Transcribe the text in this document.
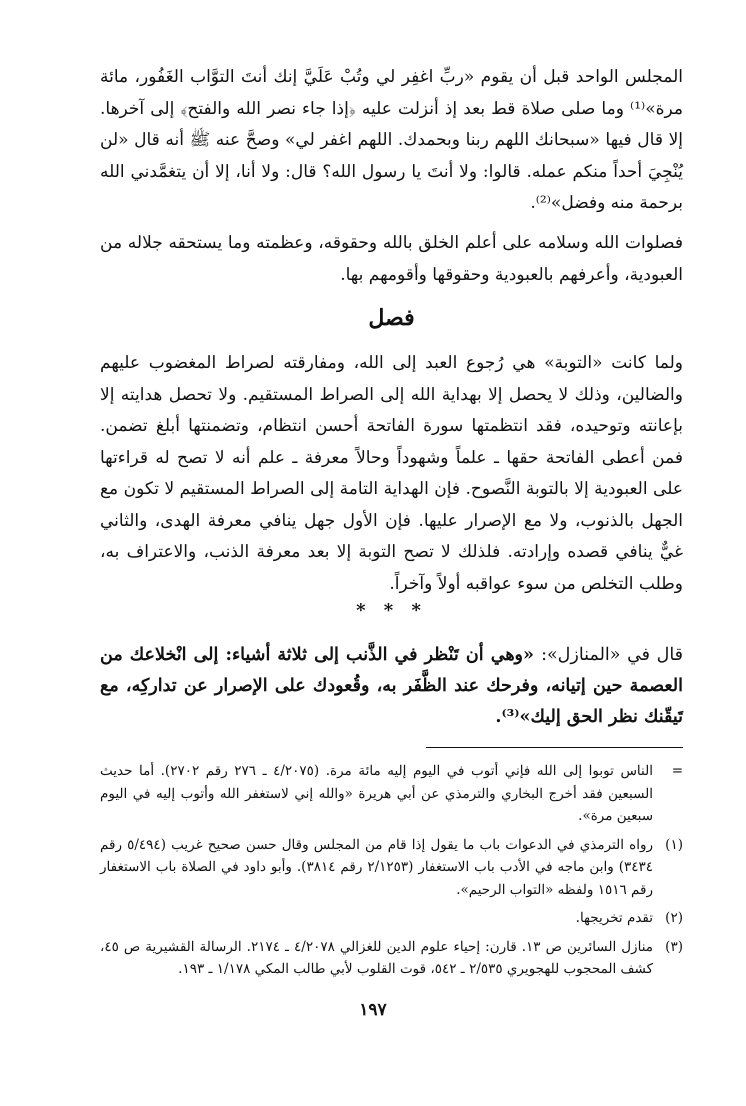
المجلس الواحد قبل أن يقوم «ربِّ اغفِر لي وتُبْ عَلَيَّ إنك أنتَ التوَّاب الغَفُور، مائة مرة»⁽¹⁾ وما صلى صلاة قط بعد إذ أنزلت عليه ﴿إذا جاء نصر الله والفتح﴾ إلى آخرها. إلا قال فيها «سبحانك اللهم ربنا وبحمدك. اللهم اغفر لي» وصحَّ عنه ﷺ أنه قال «لن يُنْجِيَ أحداً منكم عمله. قالوا: ولا أنتَ يا رسول الله؟ قال: ولا أنا، إلا أن يتغمَّدني الله برحمة منه وفضل»⁽²⁾.

فصلوات الله وسلامه على أعلم الخلق بالله وحقوقه، وعظمته وما يستحقه جلاله من العبودية، وأعرفهم بالعبودية وحقوقها وأقومهم بها.

فصل

ولما كانت «التوبة» هي رُجوع العبد إلى الله، ومفارقته لصراط المغضوب عليهم والضالين، وذلك لا يحصل إلا بهداية الله إلى الصراط المستقيم. ولا تحصل هدايته إلا بإعانته وتوحيده، فقد انتظمتها سورة الفاتحة أحسن انتظام، وتضمنتها أبلغ تضمن. فمن أعطى الفاتحة حقها ـ علماً وشهوداً وحالاً معرفة ـ علم أنه لا تصح له قراءتها على العبودية إلا بالتوبة النَّصوح. فإن الهداية التامة إلى الصراط المستقيم لا تكون مع الجهل بالذنوب، ولا مع الإصرار عليها. فإن الأول جهل ينافي معرفة الهدى، والثاني غيٌّ ينافي قصده وإرادته. فلذلك لا تصح التوبة إلا بعد معرفة الذنب، والاعتراف به، وطلب التخلص من سوء عواقبه أولاً وآخراً.

* * *

قال في «المنازل»: «وهي أن تَنْظر في الذَّنب إلى ثلاثة أشياء: إلى انْخلاعك من العصمة حين إتيانه، وفرحك عند الظَّفَر به، وقُعودك على الإصرار عن تداركِه، مع تَيقّنك نظر الحق إليك»⁽³⁾.

=
الناس توبوا إلى الله فإني أتوب في اليوم إليه مائة مرة. (٤/٢٠٧٥ ـ ٢٧٦ رقم ٢٧٠٢). أما حديث السبعين فقد أخرج البخاري والترمذي عن أبي هريرة «والله إني لاستغفر الله وأتوب إليه في اليوم سبعين مرة».
(١)
رواه الترمذي في الدعوات باب ما يقول إذا قام من المجلس وقال حسن صحيح غريب (٥/٤٩٤ رقم ٣٤٣٤) وابن ماجه في الأدب باب الاستغفار (٢/١٢٥٣ رقم ٣٨١٤). وأبو داود في الصلاة باب الاستغفار رقم ١٥١٦ ولفظه «التواب الرحيم».
(٢)
تقدم تخريجها.
(٣)
منازل السائرين ص ١٣. قارن: إحياء علوم الدين للغزالي ٤/٢٠٧٨ ـ ٢١٧٤. الرسالة القشيرية ص ٤٥، كشف المحجوب للهجويري ٢/٥٣٥ ـ ٥٤٢، قوت القلوب لأبي طالب المكي ١/١٧٨ ـ ١٩٣.
١٩٧
